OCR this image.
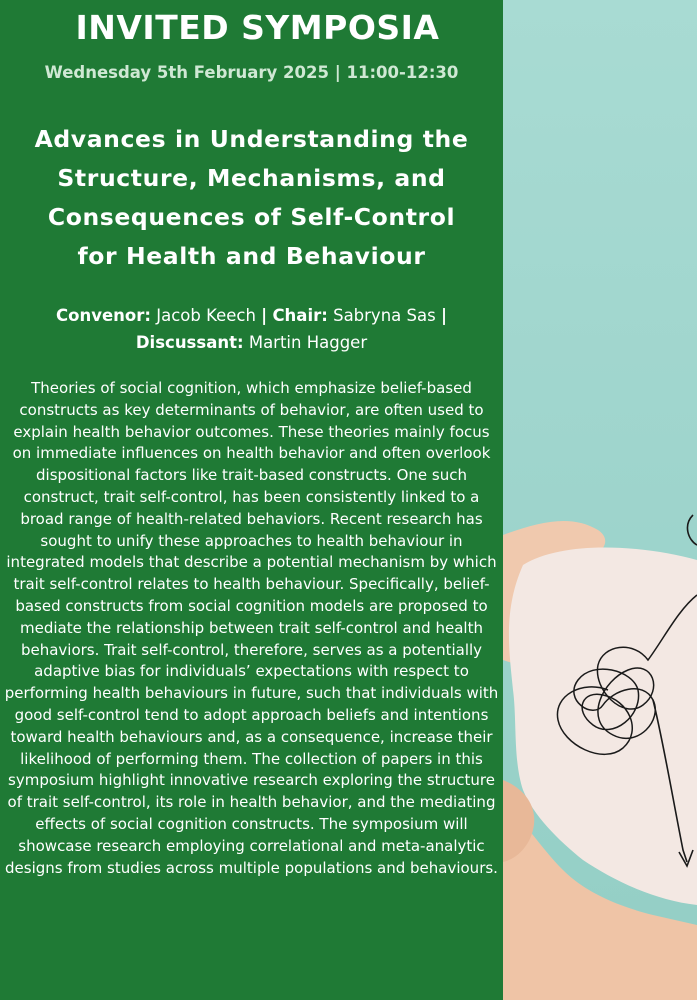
INVITED SYMPOSIA
Wednesday 5th February 2025 | 11:00-12:30
Advances in Understanding the
Structure, Mechanisms, and
Consequences of Self-Control
for Health and Behaviour
Convenor: Jacob Keech | Chair: Sabryna Sas |
Discussant: Martin Hagger
Theories of social cognition, which emphasize belief-based constructs as key determinants of behavior, are often used to explain health behavior outcomes. These theories mainly focus on immediate influences on health behavior and often overlook dispositional factors like trait-based constructs. One such construct, trait self-control, has been consistently linked to a broad range of health-related behaviors. Recent research has sought to unify these approaches to health behaviour in integrated models that describe a potential mechanism by which trait self-control relates to health behaviour. Specifically, belief-based constructs from social cognition models are proposed to mediate the relationship between trait self-control and health behaviors. Trait self-control, therefore, serves as a potentially adaptive bias for individuals’ expectations with respect to performing health behaviours in future, such that individuals with good self-control tend to adopt approach beliefs and intentions toward health behaviours and, as a consequence, increase their likelihood of performing them. The collection of papers in this symposium highlight innovative research exploring the structure of trait self-control, its role in health behavior, and the mediating effects of social cognition constructs. The symposium will showcase research employing correlational and meta-analytic designs from studies across multiple populations and behaviours.
